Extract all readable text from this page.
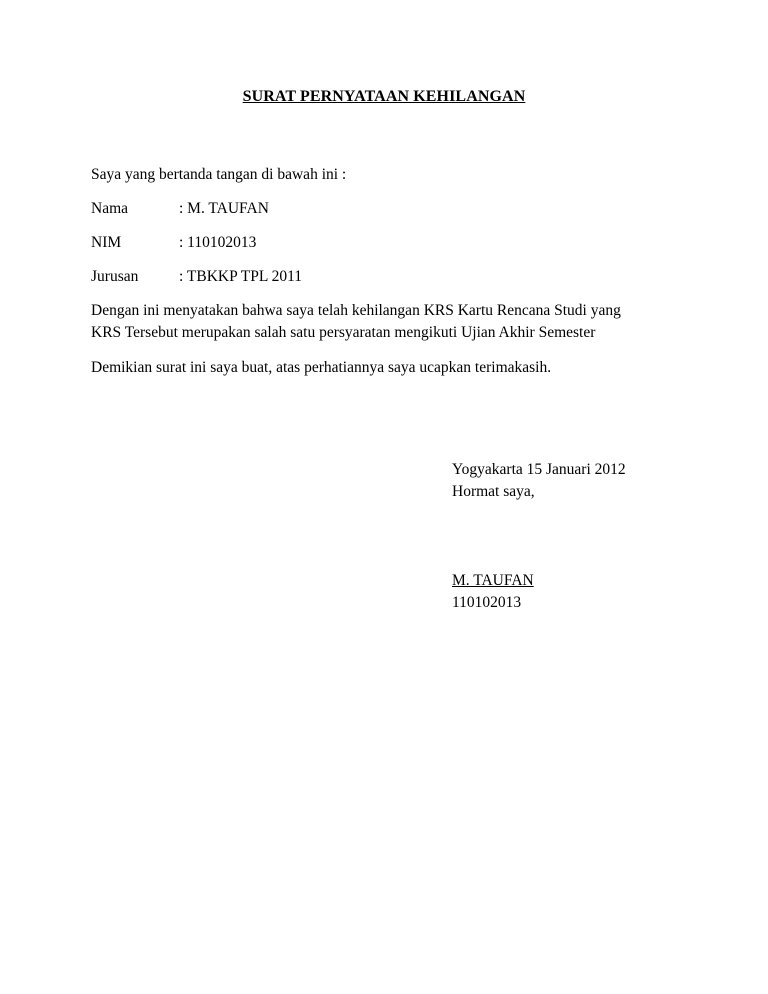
SURAT PERNYATAAN KEHILANGAN
Saya yang bertanda tangan di bawah ini :
Nama	: M. TAUFAN
NIM	: 110102013
Jurusan	: TBKKP TPL 2011
Dengan ini menyatakan bahwa saya telah kehilangan KRS Kartu Rencana Studi yang
KRS Tersebut merupakan salah satu persyaratan mengikuti Ujian Akhir Semester
Demikian surat ini saya buat, atas perhatiannya saya ucapkan terimakasih.
Yogyakarta 15 Januari 2012
Hormat saya,
M. TAUFAN
110102013
